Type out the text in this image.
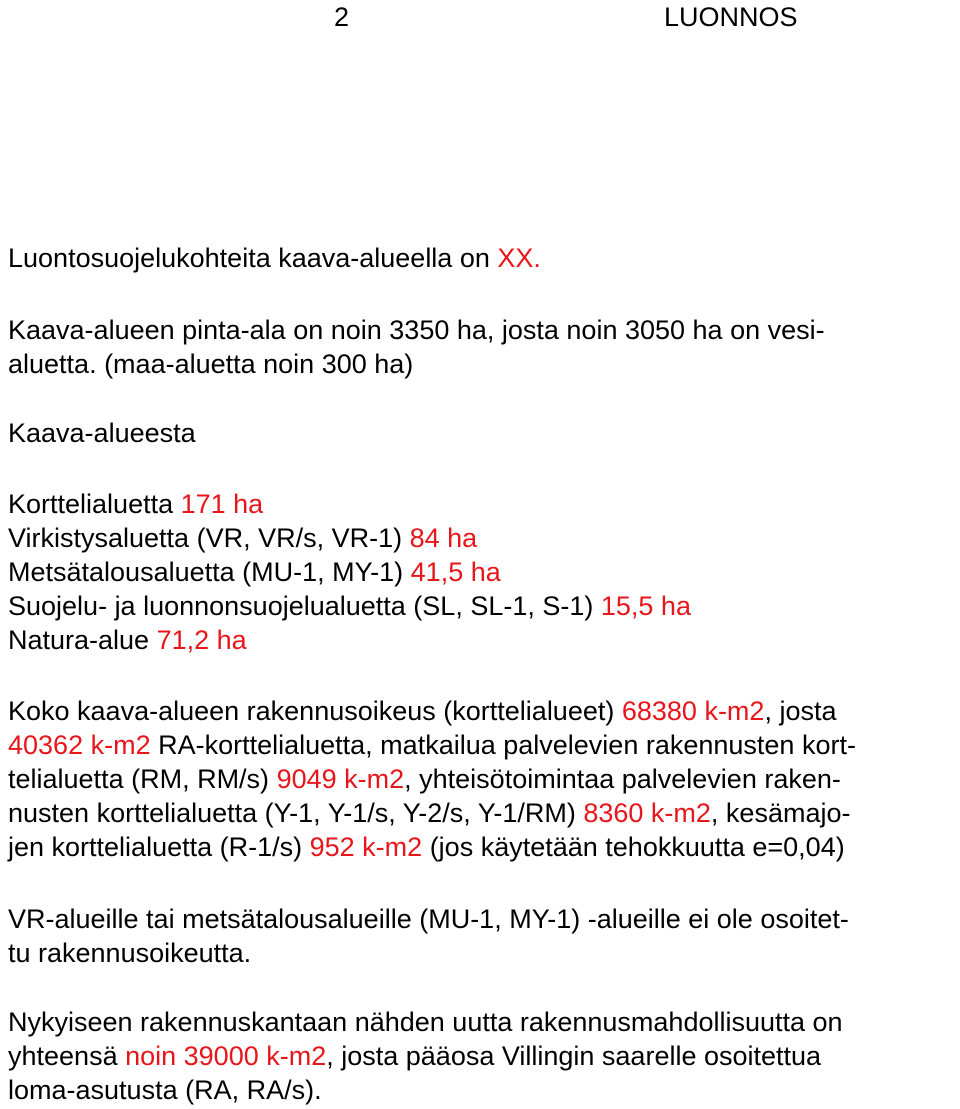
2	LUONNOS

Luontosuojelukohteita kaava-alueella on XX.

Kaava-alueen pinta-ala on noin 3350 ha, josta noin 3050 ha on vesi-
aluetta. (maa-aluetta noin 300 ha)

Kaava-alueesta

Korttelialuetta 171 ha
Virkistysaluetta (VR, VR/s, VR-1) 84 ha
Metsätalousaluetta (MU-1, MY-1) 41,5 ha
Suojelu- ja luonnonsuojelualuetta (SL, SL-1, S-1) 15,5 ha
Natura-alue 71,2 ha
Koko kaava-alueen rakennusoikeus (korttelialueet) 68380 k-m2, josta
40362 k-m2 RA-korttelialuetta, matkailua palvelevien rakennusten kort-
telialuetta (RM, RM/s) 9049 k-m2, yhteisötoimintaa palvelevien raken-
nusten korttelialuetta (Y-1, Y-1/s, Y-2/s, Y-1/RM) 8360 k-m2, kesämajo-
jen korttelialuetta (R-1/s) 952 k-m2 (jos käytetään tehokkuutta e=0,04)

VR-alueille tai metsätalousalueille (MU-1, MY-1) -alueille ei ole osoitet-
tu rakennusoikeutta.

Nykyiseen rakennuskantaan nähden uutta rakennusmahdollisuutta on
yhteensä noin 39000 k-m2, josta pääosa Villingin saarelle osoitettua
loma-asutusta (RA, RA/s).
